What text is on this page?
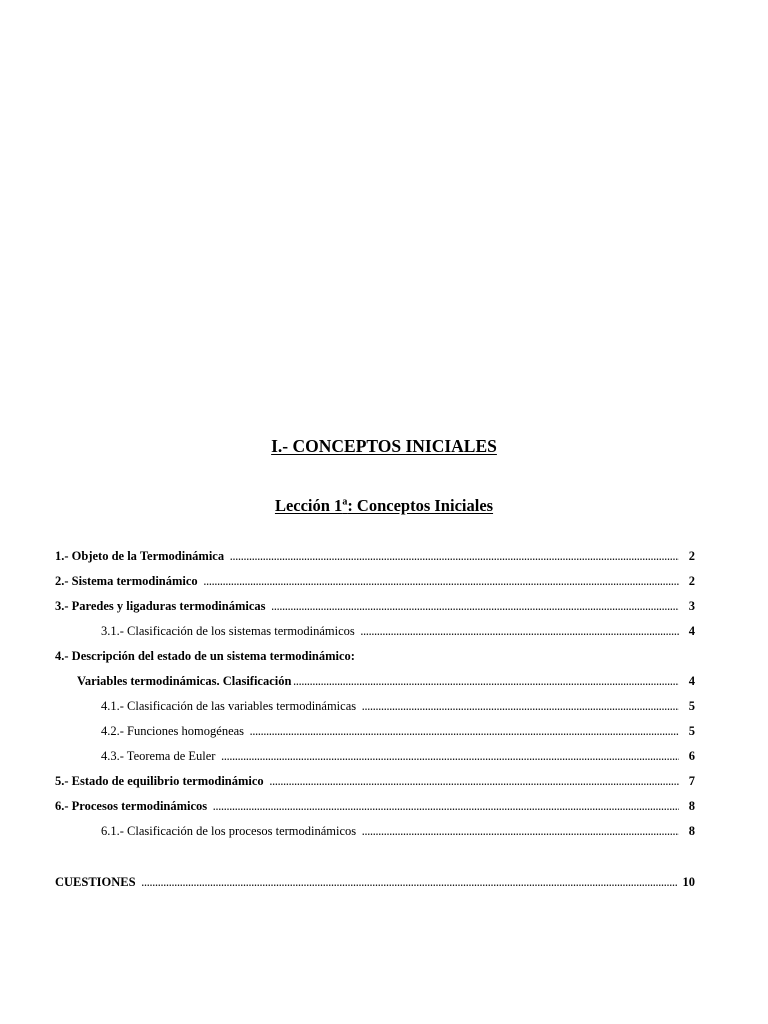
I.- CONCEPTOS INICIALES
Lección 1$^a$: Conceptos Iniciales
1.- Objeto de la Termodinámica .....	2
2.- Sistema termodinámico .....	2
3.- Paredes y ligaduras termodinámicas .....	3
3.1.- Clasificación de los sistemas termodinámicos .....	4
4.- Descripción del estado de un sistema termodinámico:
Variables termodinámicas. Clasificación .....	4
4.1.- Clasificación de las variables termodinámicas .....	5
4.2.- Funciones homogéneas .....	5
4.3.- Teorema de Euler .....	6
5.- Estado de equilibrio termodinámico .....	7
6.- Procesos termodinámicos .....	8
6.1.- Clasificación de los procesos termodinámicos .....	8
CUESTIONES .....	10
